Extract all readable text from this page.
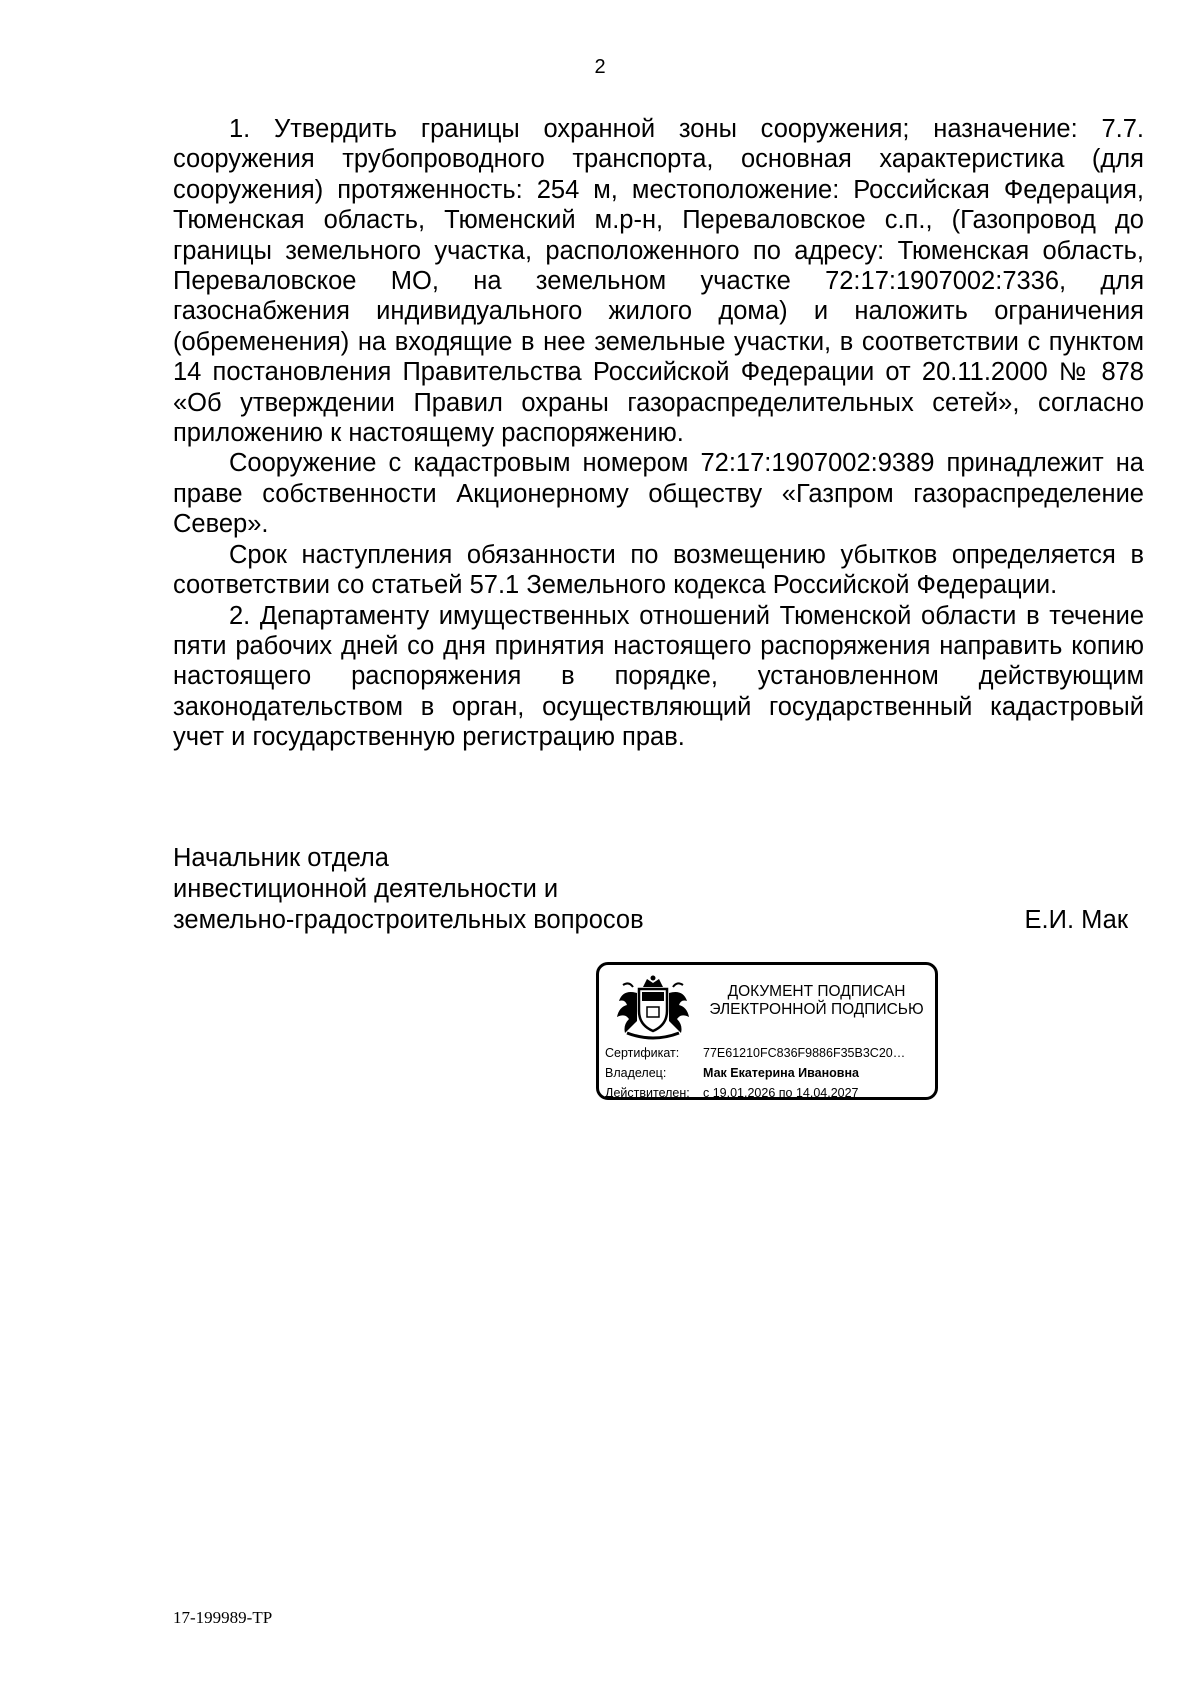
2

1. Утвердить границы охранной зоны сооружения; назначение: 7.7. сооружения трубопроводного транспорта, основная характеристика (для сооружения) протяженность: 254 м, местоположение: Российская Федерация, Тюменская область, Тюменский м.р-н, Переваловское с.п., (Газопровод до границы земельного участка, расположенного по адресу: Тюменская область, Переваловское МО, на земельном участке 72:17:1907002:7336, для газоснабжения индивидуального жилого дома) и наложить ограничения (обременения) на входящие в нее земельные участки, в соответствии с пунктом 14 постановления Правительства Российской Федерации от 20.11.2000 № 878 «Об утверждении Правил охраны газораспределительных сетей», согласно приложению к настоящему распоряжению.

Сооружение с кадастровым номером 72:17:1907002:9389 принадлежит на праве собственности Акционерному обществу «Газпром газораспределение Север».

Срок наступления обязанности по возмещению убытков определяется в соответствии со статьей 57.1 Земельного кодекса Российской Федерации.

2. Департаменту имущественных отношений Тюменской области в течение пяти рабочих дней со дня принятия настоящего распоряжения направить копию настоящего распоряжения в порядке, установленном действующим законодательством в орган, осуществляющий государственный кадастровый учет и государственную регистрацию прав.

Начальник отдела
инвестиционной деятельности и
земельно-градостроительных вопросов	Е.И. Мак
ДОКУМЕНТ ПОДПИСАН
ЭЛЕКТРОННОЙ ПОДПИСЬЮ
Сертификат:	77E61210FC836F9886F35B3C20…
Владелец:	Мак Екатерина Ивановна
Действителен:	с 19.01.2026 по 14.04.2027
17-199989-ТР
